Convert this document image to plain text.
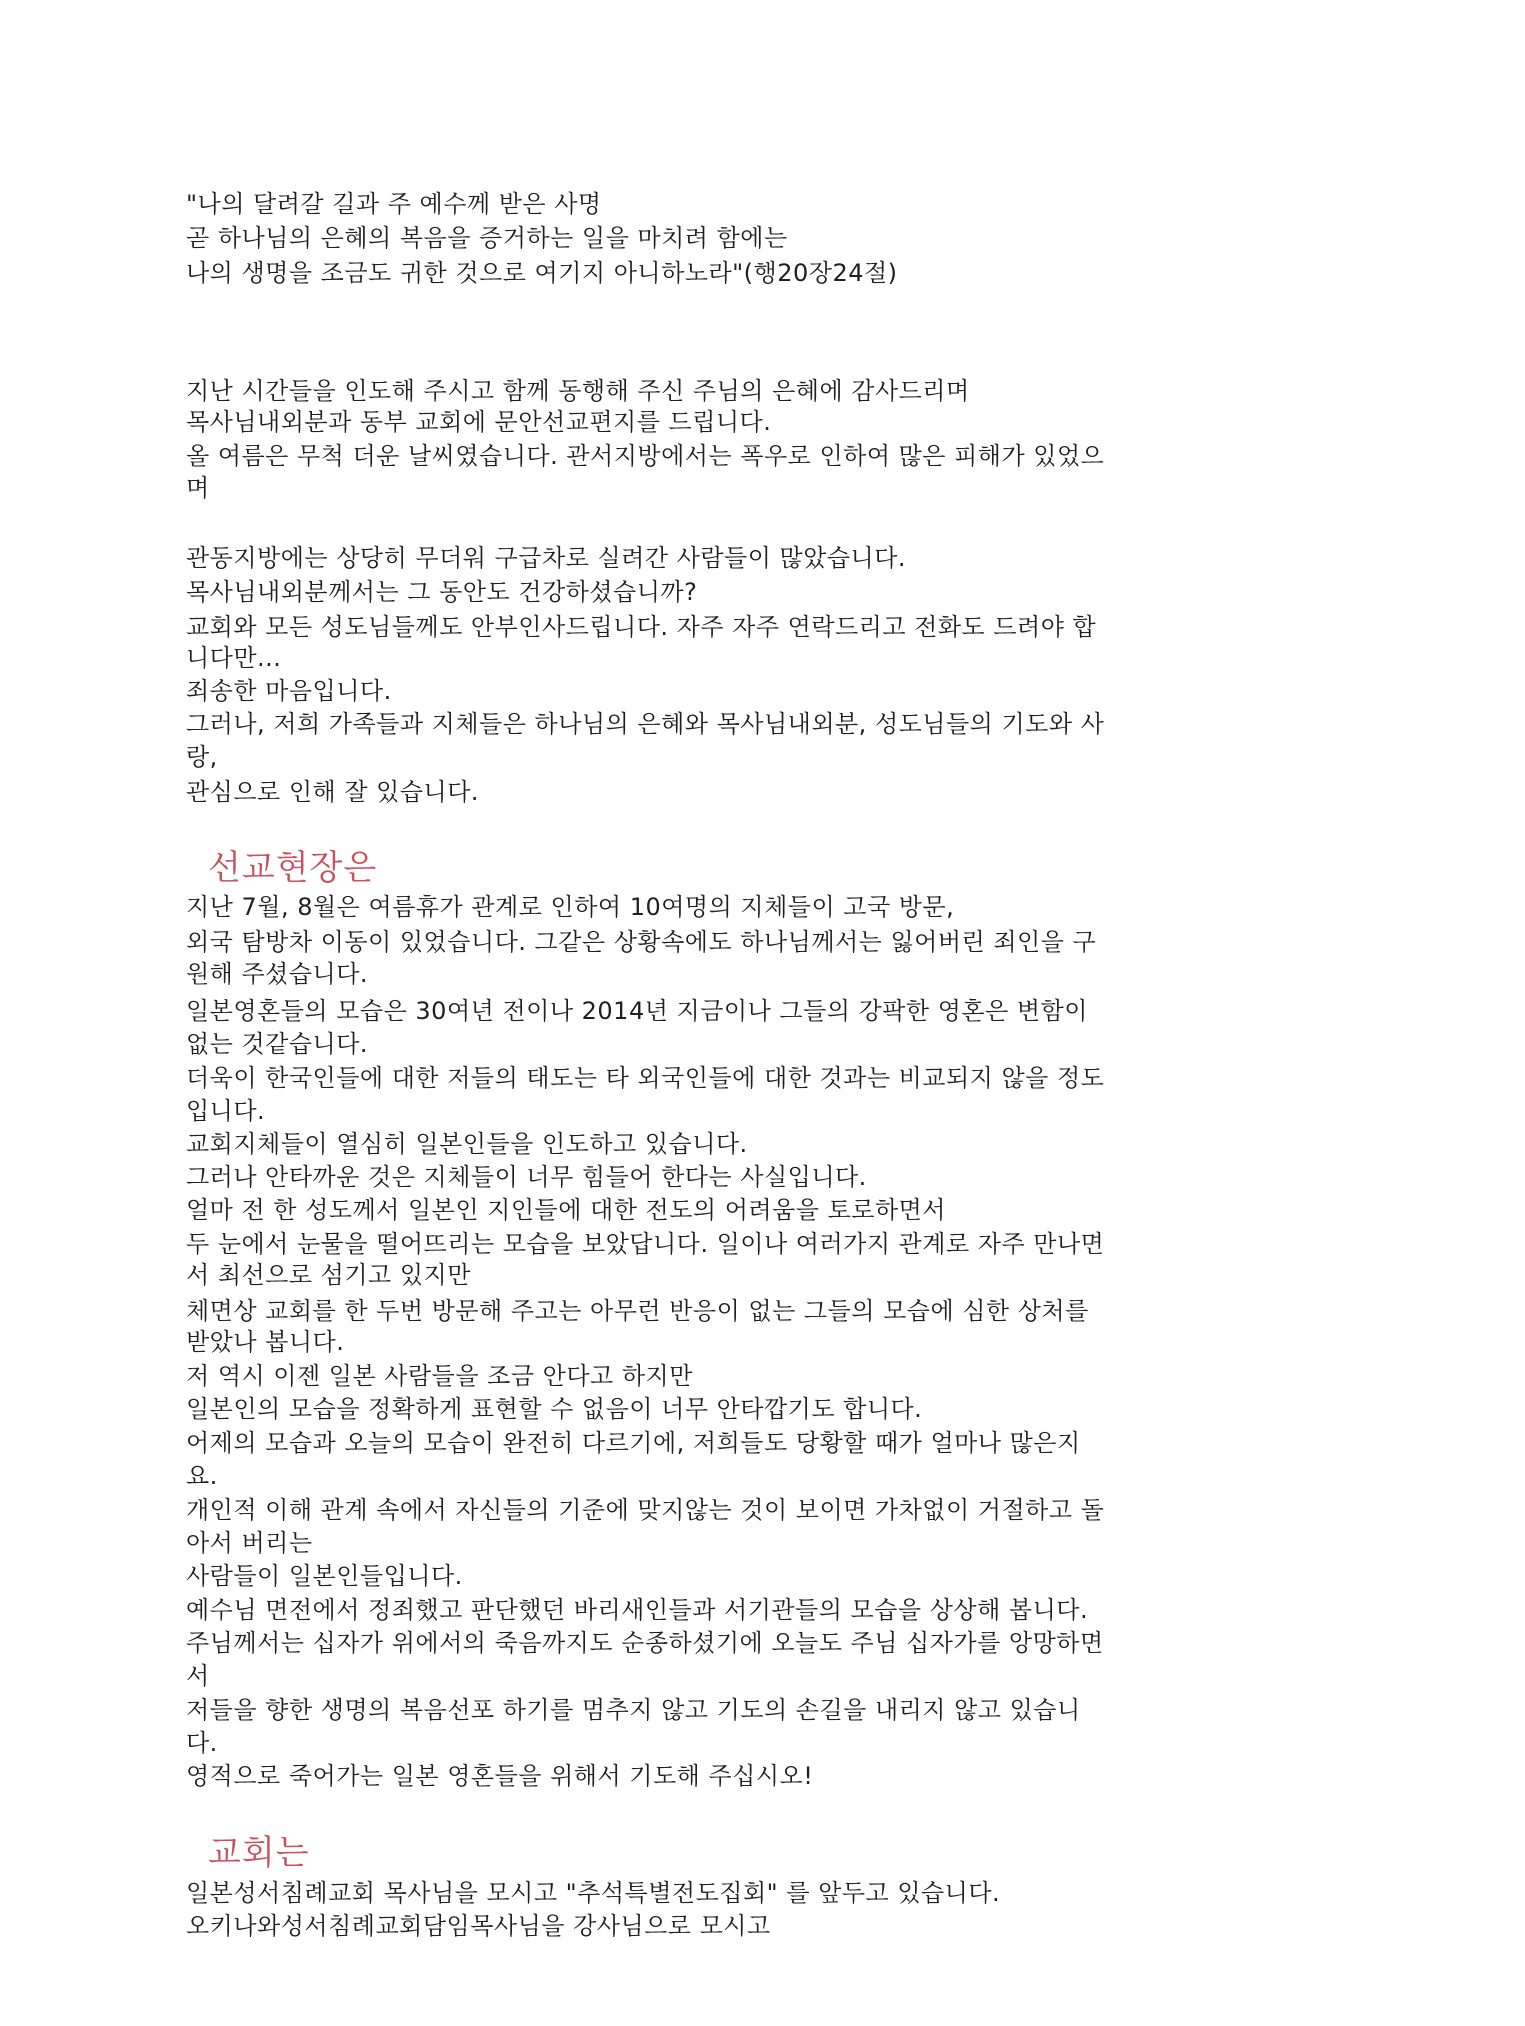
"나의 달려갈 길과 주 예수께 받은 사명
곧 하나님의 은혜의 복음을 증거하는 일을 마치려 함에는
나의 생명을 조금도 귀한 것으로 여기지 아니하노라"(행20장24절)
지난 시간들을 인도해 주시고 함께 동행해 주신 주님의 은혜에 감사드리며
목사님내외분과 동부 교회에 문안선교편지를 드립니다.
올 여름은 무척 더운 날씨였습니다. 관서지방에서는 폭우로 인하여 많은 피해가 있었으
며
관동지방에는 상당히 무더워 구급차로 실려간 사람들이 많았습니다.
목사님내외분께서는 그 동안도 건강하셨습니까?
교회와 모든 성도님들께도 안부인사드립니다. 자주 자주 연락드리고 전화도 드려야 합
니다만...
죄송한 마음입니다.
그러나, 저희 가족들과 지체들은 하나님의 은혜와 목사님내외분, 성도님들의 기도와 사
랑,
관심으로 인해 잘 있습니다.
선교현장은
지난 7월, 8월은 여름휴가 관계로 인하여 10여명의 지체들이 고국 방문,
외국 탐방차 이동이 있었습니다. 그같은 상황속에도 하나님께서는 잃어버린 죄인을 구
원해 주셨습니다.
일본영혼들의 모습은 30여년 전이나 2014년 지금이나 그들의 강팍한 영혼은 변함이
없는 것같습니다.
더욱이 한국인들에 대한 저들의 태도는 타 외국인들에 대한 것과는 비교되지 않을 정도
입니다.
교회지체들이 열심히 일본인들을 인도하고 있습니다.
그러나 안타까운 것은 지체들이 너무 힘들어 한다는 사실입니다.
얼마 전 한 성도께서 일본인 지인들에 대한 전도의 어려움을 토로하면서
두 눈에서 눈물을 떨어뜨리는 모습을 보았답니다. 일이나 여러가지 관계로 자주 만나면
서 최선으로 섬기고 있지만
체면상 교회를 한 두번 방문해 주고는 아무런 반응이 없는 그들의 모습에 심한 상처를
받았나 봅니다.
저 역시 이젠 일본 사람들을 조금 안다고 하지만
일본인의 모습을 정확하게 표현할 수 없음이 너무 안타깝기도 합니다.
어제의 모습과 오늘의 모습이 완전히 다르기에, 저희들도 당황할 때가 얼마나 많은지
요.
개인적 이해 관계 속에서 자신들의 기준에 맞지않는 것이 보이면 가차없이 거절하고 돌
아서 버리는
사람들이 일본인들입니다.
예수님 면전에서 정죄했고 판단했던 바리새인들과 서기관들의 모습을 상상해 봅니다.
주님께서는 십자가 위에서의 죽음까지도 순종하셨기에 오늘도 주님 십자가를 앙망하면
서
저들을 향한 생명의 복음선포 하기를 멈추지 않고 기도의 손길을 내리지 않고 있습니
다.
영적으로 죽어가는 일본 영혼들을 위해서 기도해 주십시오!
교회는
일본성서침례교회 목사님을 모시고 "추석특별전도집회" 를 앞두고 있습니다.
오키나와성서침례교회담임목사님을 강사님으로 모시고
